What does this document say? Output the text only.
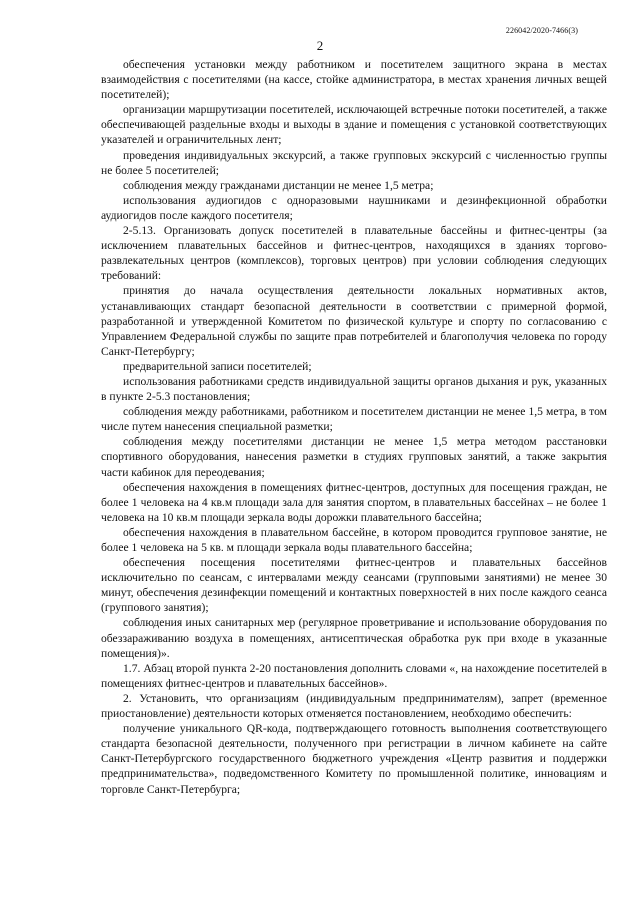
226042/2020-7466(3)
2

обеспечения установки между работником и посетителем защитного экрана в местах взаимодействия с посетителями (на кассе, стойке администратора, в местах хранения личных вещей посетителей);

организации маршрутизации посетителей, исключающей встречные потоки посетителей, а также обеспечивающей раздельные входы и выходы в здание и помещения с установкой соответствующих указателей и ограничительных лент;

проведения индивидуальных экскурсий, а также групповых экскурсий с численностью группы не более 5 посетителей;

соблюдения между гражданами дистанции не менее 1,5 метра;

использования аудиогидов с одноразовыми наушниками и дезинфекционной обработки аудиогидов после каждого посетителя;

2-5.13. Организовать допуск посетителей в плавательные бассейны и фитнес-центры (за исключением плавательных бассейнов и фитнес-центров, находящихся в зданиях торгово-развлекательных центров (комплексов), торговых центров) при условии соблюдения следующих требований:

принятия до начала осуществления деятельности локальных нормативных актов, устанавливающих стандарт безопасной деятельности в соответствии с примерной формой, разработанной и утвержденной Комитетом по физической культуре и спорту по согласованию с Управлением Федеральной службы по защите прав потребителей и благополучия человека по городу Санкт-Петербургу;

предварительной записи посетителей;

использования работниками средств индивидуальной защиты органов дыхания и рук, указанных в пункте 2-5.3 постановления;

соблюдения между работниками, работником и посетителем дистанции не менее 1,5 метра, в том числе путем нанесения специальной разметки;

соблюдения между посетителями дистанции не менее 1,5 метра методом расстановки спортивного оборудования, нанесения разметки в студиях групповых занятий, а также закрытия части кабинок для переодевания;

обеспечения нахождения в помещениях фитнес-центров, доступных для посещения граждан, не более 1 человека на 4 кв.м площади зала для занятия спортом, в плавательных бассейнах – не более 1 человека на 10 кв.м площади зеркала воды дорожки плавательного бассейна;

обеспечения нахождения в плавательном бассейне, в котором проводится групповое занятие, не более 1 человека на 5 кв. м площади зеркала воды плавательного бассейна;

обеспечения посещения посетителями фитнес-центров и плавательных бассейнов исключительно по сеансам, с интервалами между сеансами (групповыми занятиями) не менее 30 минут, обеспечения дезинфекции помещений и контактных поверхностей в них после каждого сеанса (группового занятия);

соблюдения иных санитарных мер (регулярное проветривание и использование оборудования по обеззараживанию воздуха в помещениях, антисептическая обработка рук при входе в указанные помещения)».

1.7. Абзац второй пункта 2-20 постановления дополнить словами «, на нахождение посетителей в помещениях фитнес-центров и плавательных бассейнов».

2. Установить, что организациям (индивидуальным предпринимателям), запрет (временное приостановление) деятельности которых отменяется постановлением, необходимо обеспечить:

получение уникального QR-кода, подтверждающего готовность выполнения соответствующего стандарта безопасной деятельности, полученного при регистрации в личном кабинете на сайте Санкт-Петербургского государственного бюджетного учреждения «Центр развития и поддержки предпринимательства», подведомственного Комитету по промышленной политике, инновациям и торговле Санкт-Петербурга;
